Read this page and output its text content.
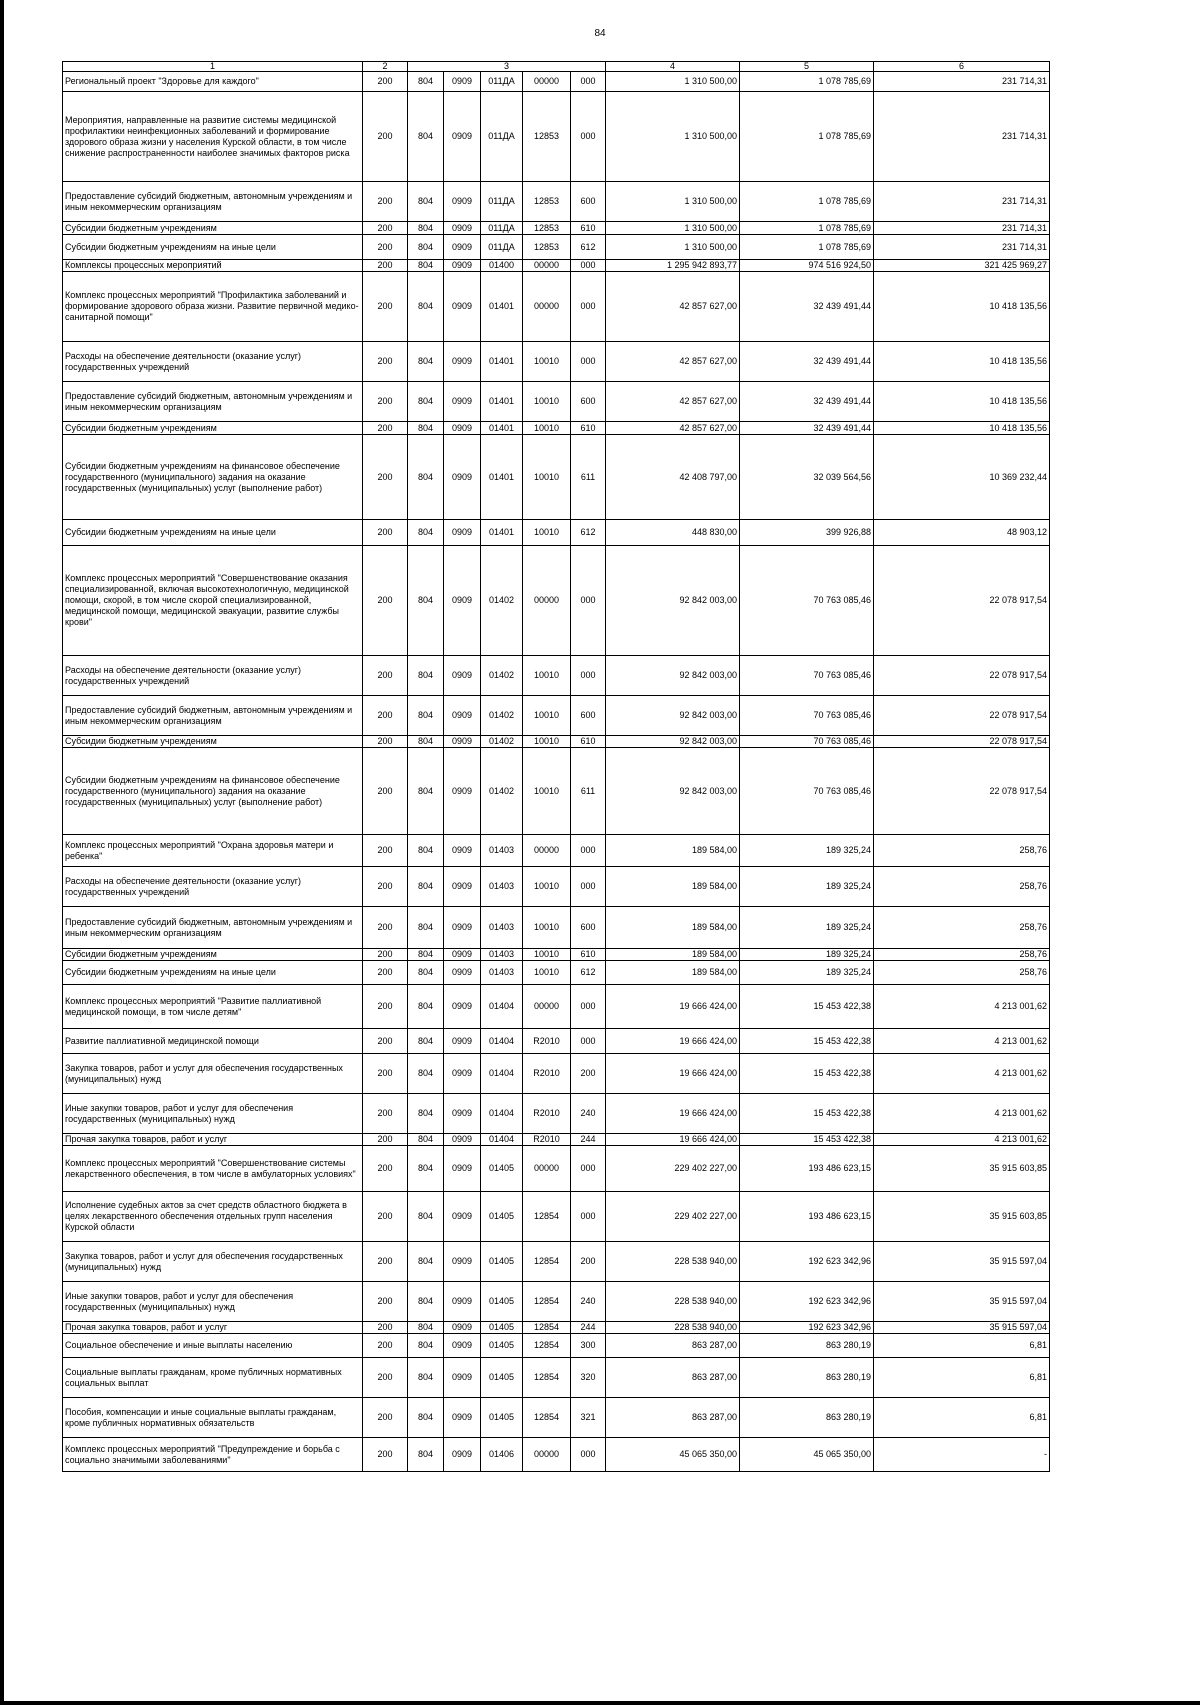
84
1	2	3					4	5	6
Региональный проект "Здоровье для каждого"	200	804	0909	011ДА	00000	000	1 310 500,00	1 078 785,69	231 714,31
Мероприятия, направленные на развитие системы медицинской профилактики неинфекционных заболеваний и формирование здорового образа жизни у населения Курской области, в том числе снижение распространенности наиболее значимых факторов риска	200	804	0909	011ДА	12853	000	1 310 500,00	1 078 785,69	231 714,31
Предоставление субсидий бюджетным, автономным учреждениям и иным некоммерческим организациям	200	804	0909	011ДА	12853	600	1 310 500,00	1 078 785,69	231 714,31
Субсидии бюджетным учреждениям	200	804	0909	011ДА	12853	610	1 310 500,00	1 078 785,69	231 714,31
Субсидии бюджетным учреждениям на иные цели	200	804	0909	011ДА	12853	612	1 310 500,00	1 078 785,69	231 714,31
Комплексы процессных мероприятий	200	804	0909	01400	00000	000	1 295 942 893,77	974 516 924,50	321 425 969,27
Комплекс процессных мероприятий "Профилактика заболеваний и формирование здорового образа жизни. Развитие первичной медико-санитарной помощи"	200	804	0909	01401	00000	000	42 857 627,00	32 439 491,44	10 418 135,56
Расходы на обеспечение деятельности (оказание услуг) государственных учреждений	200	804	0909	01401	10010	000	42 857 627,00	32 439 491,44	10 418 135,56
Предоставление субсидий бюджетным, автономным учреждениям и иным некоммерческим организациям	200	804	0909	01401	10010	600	42 857 627,00	32 439 491,44	10 418 135,56
Субсидии бюджетным учреждениям	200	804	0909	01401	10010	610	42 857 627,00	32 439 491,44	10 418 135,56
Субсидии бюджетным учреждениям на финансовое обеспечение государственного (муниципального) задания на оказание государственных (муниципальных) услуг (выполнение работ)	200	804	0909	01401	10010	611	42 408 797,00	32 039 564,56	10 369 232,44
Субсидии бюджетным учреждениям на иные цели	200	804	0909	01401	10010	612	448 830,00	399 926,88	48 903,12
Комплекс процессных мероприятий "Совершенствование оказания специализированной, включая высокотехнологичную, медицинской помощи, скорой, в том числе скорой специализированной, медицинской помощи, медицинской эвакуации, развитие службы крови"	200	804	0909	01402	00000	000	92 842 003,00	70 763 085,46	22 078 917,54
Расходы на обеспечение деятельности (оказание услуг) государственных учреждений	200	804	0909	01402	10010	000	92 842 003,00	70 763 085,46	22 078 917,54
Предоставление субсидий бюджетным, автономным учреждениям и иным некоммерческим организациям	200	804	0909	01402	10010	600	92 842 003,00	70 763 085,46	22 078 917,54
Субсидии бюджетным учреждениям	200	804	0909	01402	10010	610	92 842 003,00	70 763 085,46	22 078 917,54
Субсидии бюджетным учреждениям на финансовое обеспечение государственного (муниципального) задания на оказание государственных (муниципальных) услуг (выполнение работ)	200	804	0909	01402	10010	611	92 842 003,00	70 763 085,46	22 078 917,54
Комплекс процессных мероприятий "Охрана здоровья матери и ребенка"	200	804	0909	01403	00000	000	189 584,00	189 325,24	258,76
Расходы на обеспечение деятельности (оказание услуг) государственных учреждений	200	804	0909	01403	10010	000	189 584,00	189 325,24	258,76
Предоставление субсидий бюджетным, автономным учреждениям и иным некоммерческим организациям	200	804	0909	01403	10010	600	189 584,00	189 325,24	258,76
Субсидии бюджетным учреждениям	200	804	0909	01403	10010	610	189 584,00	189 325,24	258,76
Субсидии бюджетным учреждениям на иные цели	200	804	0909	01403	10010	612	189 584,00	189 325,24	258,76
Комплекс процессных мероприятий "Развитие паллиативной медицинской помощи, в том числе детям"	200	804	0909	01404	00000	000	19 666 424,00	15 453 422,38	4 213 001,62
Развитие паллиативной медицинской помощи	200	804	0909	01404	R2010	000	19 666 424,00	15 453 422,38	4 213 001,62
Закупка товаров, работ и услуг для обеспечения государственных (муниципальных) нужд	200	804	0909	01404	R2010	200	19 666 424,00	15 453 422,38	4 213 001,62
Иные закупки товаров, работ и услуг для обеспечения государственных (муниципальных) нужд	200	804	0909	01404	R2010	240	19 666 424,00	15 453 422,38	4 213 001,62
Прочая закупка товаров, работ и услуг	200	804	0909	01404	R2010	244	19 666 424,00	15 453 422,38	4 213 001,62
Комплекс процессных мероприятий "Совершенствование системы лекарственного обеспечения, в том числе в амбулаторных условиях"	200	804	0909	01405	00000	000	229 402 227,00	193 486 623,15	35 915 603,85
Исполнение судебных актов за счет средств областного бюджета в целях лекарственного обеспечения отдельных групп населения Курской области	200	804	0909	01405	12854	000	229 402 227,00	193 486 623,15	35 915 603,85
Закупка товаров, работ и услуг для обеспечения государственных (муниципальных) нужд	200	804	0909	01405	12854	200	228 538 940,00	192 623 342,96	35 915 597,04
Иные закупки товаров, работ и услуг для обеспечения государственных (муниципальных) нужд	200	804	0909	01405	12854	240	228 538 940,00	192 623 342,96	35 915 597,04
Прочая закупка товаров, работ и услуг	200	804	0909	01405	12854	244	228 538 940,00	192 623 342,96	35 915 597,04
Социальное обеспечение и иные выплаты населению	200	804	0909	01405	12854	300	863 287,00	863 280,19	6,81
Социальные выплаты гражданам, кроме публичных нормативных социальных выплат	200	804	0909	01405	12854	320	863 287,00	863 280,19	6,81
Пособия, компенсации и иные социальные выплаты гражданам, кроме публичных нормативных обязательств	200	804	0909	01405	12854	321	863 287,00	863 280,19	6,81
Комплекс процессных мероприятий "Предупреждение и борьба с социально значимыми заболеваниями"	200	804	0909	01406	00000	000	45 065 350,00	45 065 350,00	-
